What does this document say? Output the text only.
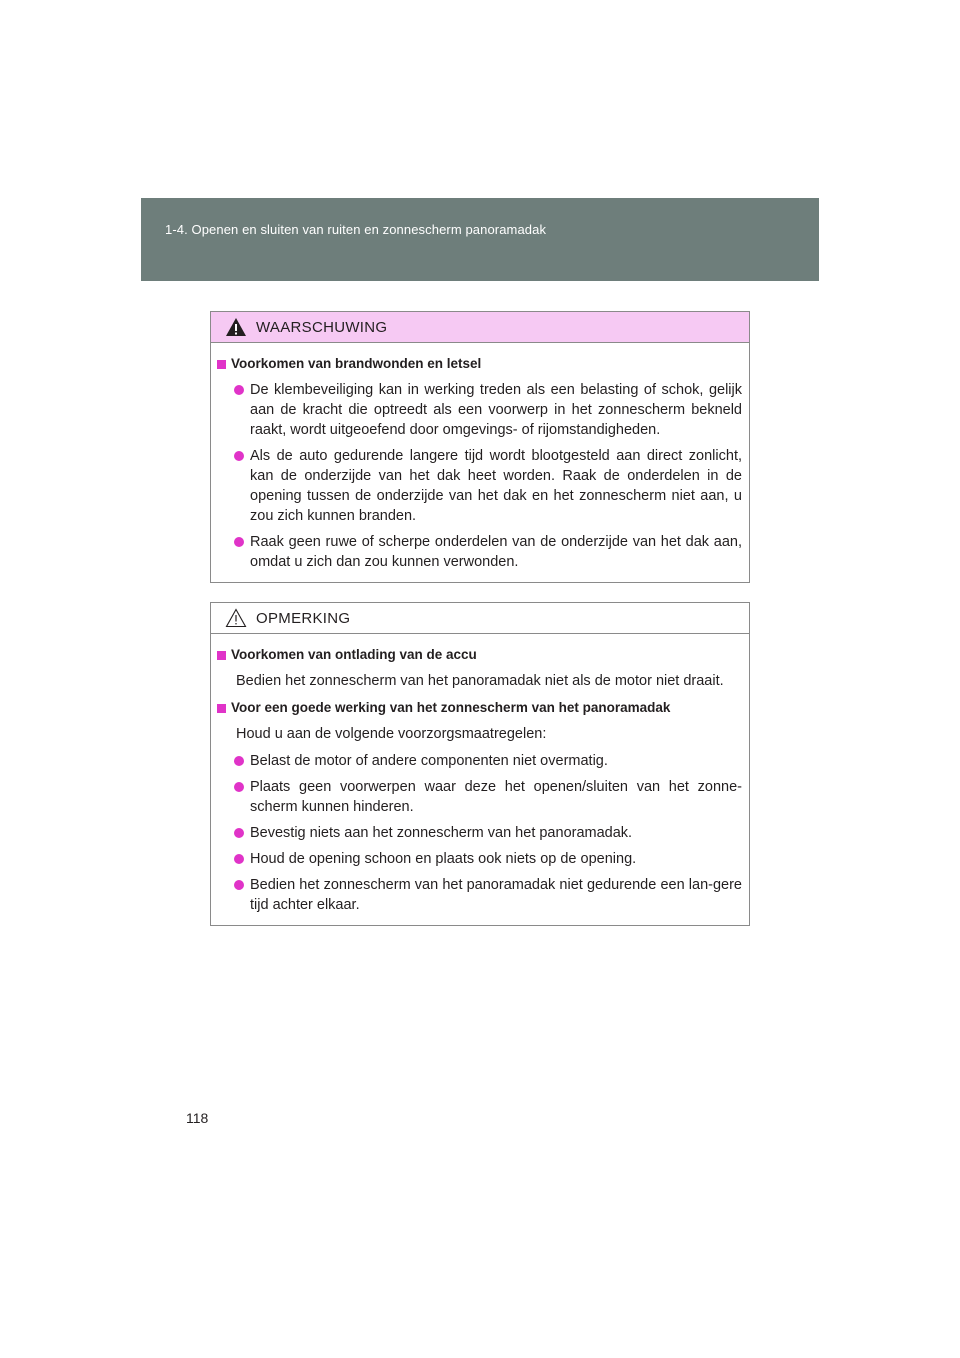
1-4. Openen en sluiten van ruiten en zonnescherm panoramadak
WAARSCHUWING
Voorkomen van brandwonden en letsel
De klembeveiliging kan in werking treden als een belasting of schok, gelijk aan de kracht die optreedt als een voorwerp in het zonnescherm bekneld raakt, wordt uitgeoefend door omgevings- of rijomstandigheden.
Als de auto gedurende langere tijd wordt blootgesteld aan direct zonlicht, kan de onderzijde van het dak heet worden. Raak de onderdelen in de opening tussen de onderzijde van het dak en het zonnescherm niet aan, u zou zich kunnen branden.
Raak geen ruwe of scherpe onderdelen van de onderzijde van het dak aan, omdat u zich dan zou kunnen verwonden.
OPMERKING
Voorkomen van ontlading van de accu
Bedien het zonnescherm van het panoramadak niet als de motor niet draait.
Voor een goede werking van het zonnescherm van het panoramadak
Houd u aan de volgende voorzorgsmaatregelen:
Belast de motor of andere componenten niet overmatig.
Plaats geen voorwerpen waar deze het openen/sluiten van het zonne-scherm kunnen hinderen.
Bevestig niets aan het zonnescherm van het panoramadak.
Houd de opening schoon en plaats ook niets op de opening.
Bedien het zonnescherm van het panoramadak niet gedurende een lan-gere tijd achter elkaar.
118
